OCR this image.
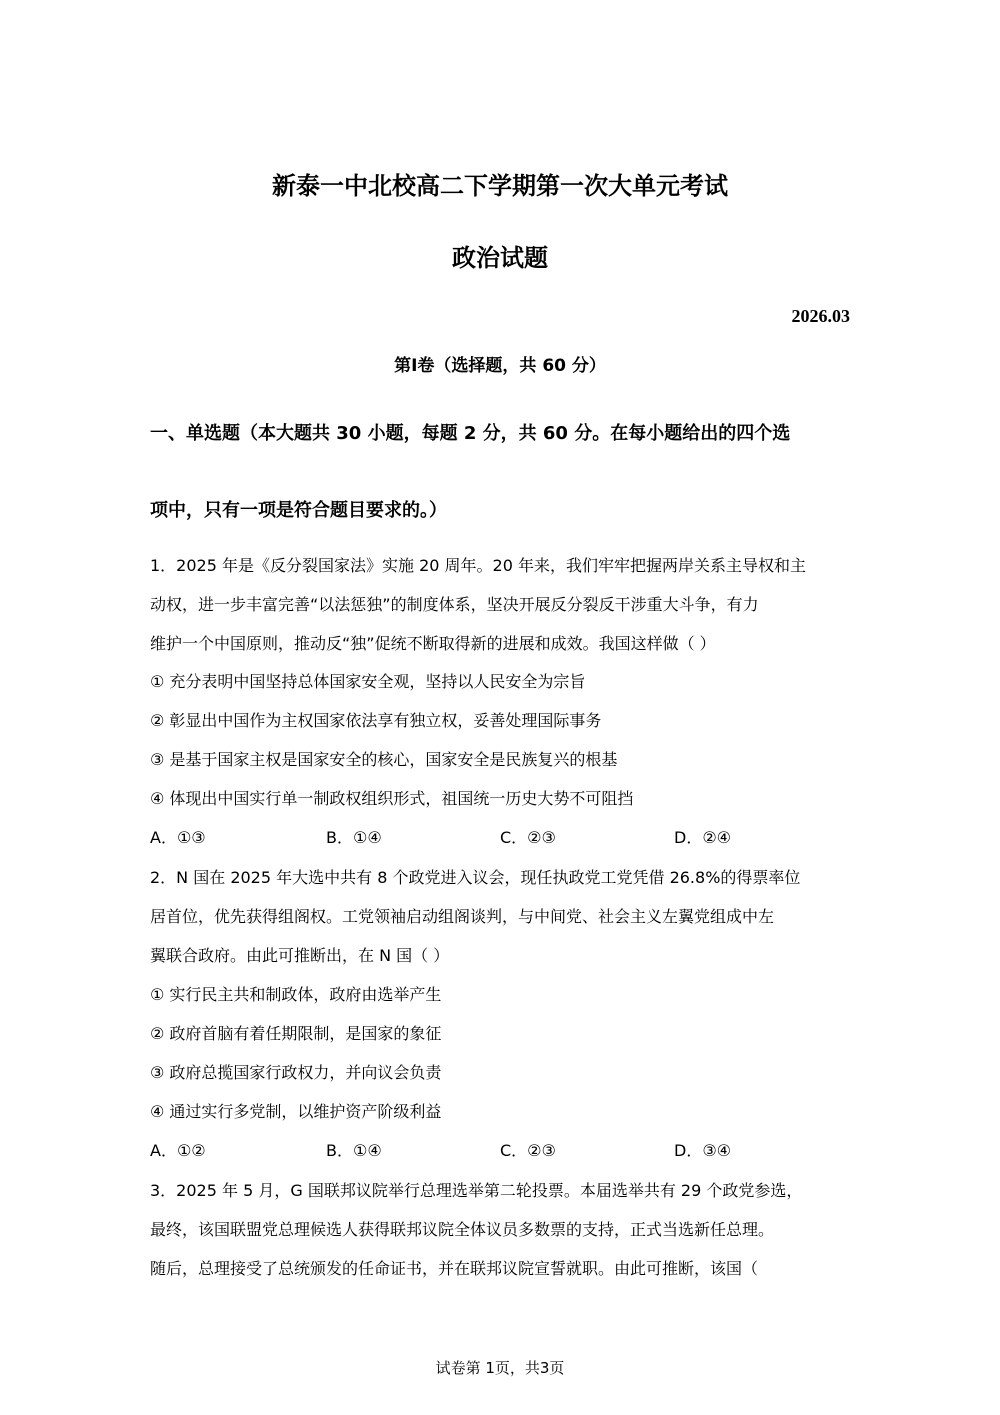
新泰一中北校高二下学期第一次大单元考试
政治试题
2026.03
第Ⅰ卷（选择题，共 60 分）
一、单选题（本大题共 30 小题，每题 2 分，共 60 分。在每小题给出的四个选
项中，只有一项是符合题目要求的。）
1．2025 年是《反分裂国家法》实施 20 周年。20 年来，我们牢牢把握两岸关系主导权和主
动权，进一步丰富完善“以法惩独”的制度体系，坚决开展反分裂反干涉重大斗争，有力
维护一个中国原则，推动反“独”促统不断取得新的进展和成效。我国这样做（ ）
① 充分表明中国坚持总体国家安全观，坚持以人民安全为宗旨
② 彰显出中国作为主权国家依法享有独立权，妥善处理国际事务
③ 是基于国家主权是国家安全的核心，国家安全是民族复兴的根基
④ 体现出中国实行单一制政权组织形式，祖国统一历史大势不可阻挡
A．①③	B．①④	C．②③	D．②④
2．N 国在 2025 年大选中共有 8 个政党进入议会，现任执政党工党凭借 26.8%的得票率位
居首位，优先获得组阁权。工党领袖启动组阁谈判，与中间党、社会主义左翼党组成中左
翼联合政府。由此可推断出，在 N 国（ ）
① 实行民主共和制政体，政府由选举产生
② 政府首脑有着任期限制，是国家的象征
③ 政府总揽国家行政权力，并向议会负责
④ 通过实行多党制，以维护资产阶级利益
A．①②	B．①④	C．②③	D．③④
3．2025 年 5 月，G 国联邦议院举行总理选举第二轮投票。本届选举共有 29 个政党参选，
最终，该国联盟党总理候选人获得联邦议院全体议员多数票的支持，正式当选新任总理。
随后，总理接受了总统颁发的任命证书，并在联邦议院宣誓就职。由此可推断，该国（
试卷第 1页，共3页
